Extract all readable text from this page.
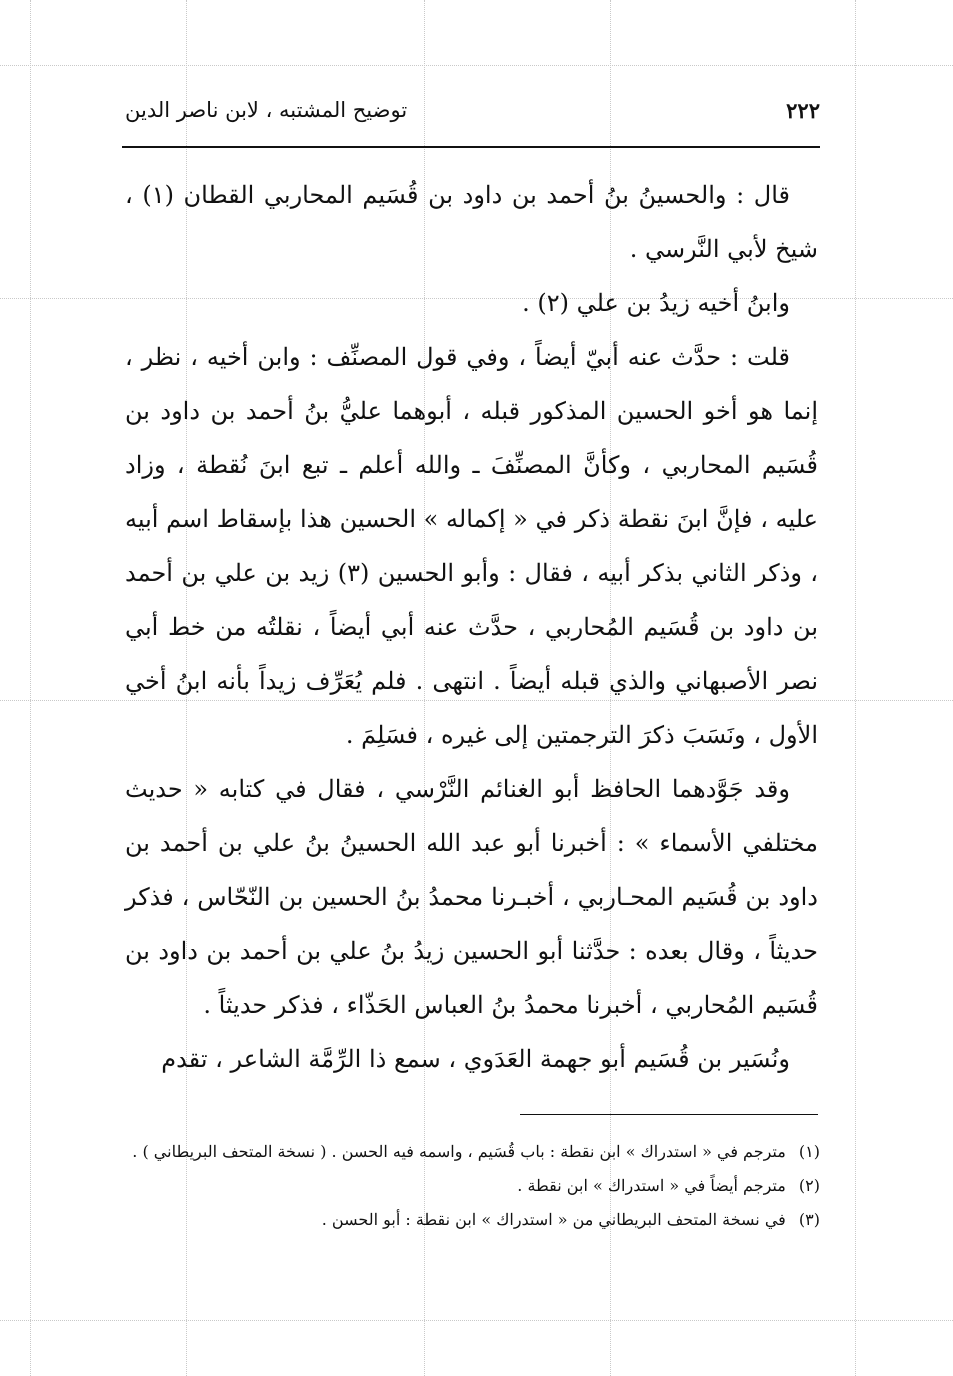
٢٢٢
توضيح المشتبه ، لابن ناصر الدين

قال : والحسينُ بنُ أحمد بن داود بن قُسَيم المحاربي القطان (١) ، شيخ لأبي النَّرسي .

وابنُ أخيه زيدُ بن علي (٢) .

قلت : حدَّث عنه أبيّ أيضاً ، وفي قول المصنِّف : وابن أخيه ، نظر ، إنما هو أخو الحسين المذكور قبله ، أبوهما عليُّ بنُ أحمد بن داود بن قُسَيم المحاربي ، وكأنَّ المصنِّفَ ـ والله أعلم ـ تبع ابنَ نُقطة ، وزاد عليه ، فإنَّ ابنَ نقطة ذكر في « إكماله » الحسين هذا بإسقاط اسم أبيه ، وذكر الثاني بذكر أبيه ، فقال : وأبو الحسين (٣) زيد بن علي بن أحمد بن داود بن قُسَيم المُحاربي ، حدَّث عنه أبي أيضاً ، نقلتُه من خط أبي نصر الأصبهاني والذي قبله أيضاً . انتهى . فلم يُعَرِّف زيداً بأنه ابنُ أخي الأول ، ونَسَبَ ذكرَ الترجمتين إلى غيره ، فسَلِمَ .

وقد جَوَّدهما الحافظ أبو الغنائم النَّرْسي ، فقال في كتابه « حديث مختلفي الأسماء » : أخبرنا أبو عبد الله الحسينُ بنُ علي بن أحمد بن داود بن قُسَيم المحـاربي ، أخبـرنا محمدُ بنُ الحسين بن النّحّاس ، فذكر حديثاً ، وقال بعده : حدَّثنا أبو الحسين زيدُ بنُ علي بن أحمد بن داود بن قُسَيم المُحاربي ، أخبرنا محمدُ بنُ العباس الحَذّاء ، فذكر حديثاً .

ونُسَير بن قُسَيم أبو جهمة العَدَوي ، سمع ذا الرِّمَّة الشاعر ، تقدم

(١) مترجم في « استدراك » ابن نقطة : باب قُسَيم ، واسمه فيه الحسن . ( نسخة المتحف البريطاني ) .

(٢) مترجم أيضاً في « استدراك » ابن نقطة .

(٣) في نسخة المتحف البريطاني من « استدراك » ابن نقطة : أبو الحسن .
